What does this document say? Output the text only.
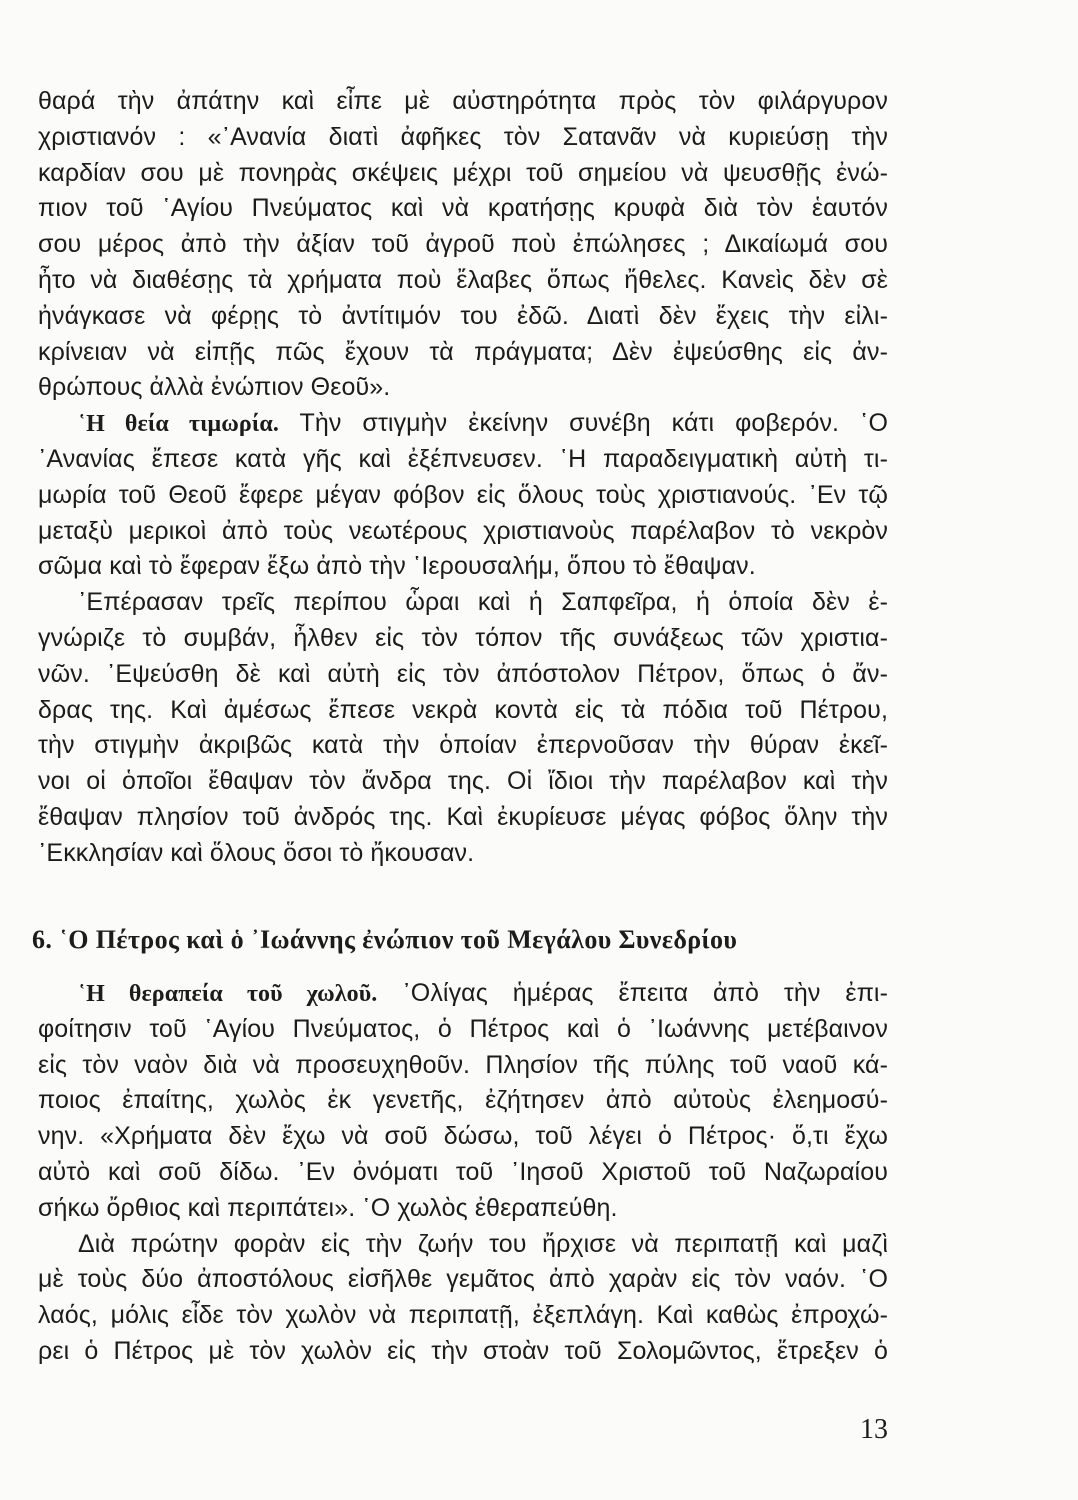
θαρά τὴν ἀπάτην καὶ εἶπε μὲ αὐστηρότητα πρὸς τὸν φιλάργυρον
χριστιανόν : «᾿Ανανία διατὶ ἀφῆκες τὸν Σατανᾶν νὰ κυριεύσῃ τὴν
καρδίαν σου μὲ πονηρὰς σκέψεις μέχρι τοῦ σημείου νὰ ψευσθῇς ἐνώ-
πιον τοῦ ῾Αγίου Πνεύματος καὶ νὰ κρατήσῃς κρυφὰ διὰ τὸν ἑαυτόν
σου μέρος ἀπὸ τὴν ἀξίαν τοῦ ἀγροῦ ποὺ ἐπώλησες ; Δικαίωμά σου
ἦτο νὰ διαθέσῃς τὰ χρήματα ποὺ ἔλαβες ὅπως ἤθελες. Κανεὶς δὲν σὲ
ἠνάγκασε νὰ φέρῃς τὸ ἀντίτιμόν του ἐδῶ. Διατὶ δὲν ἔχεις τὴν εἰλι-
κρίνειαν νὰ εἰπῇς πῶς ἔχουν τὰ πράγματα; Δὲν ἐψεύσθης εἰς ἀν-
θρώπους ἀλλὰ ἐνώπιον Θεοῦ».
῾Η θεία τιμωρία. Τὴν στιγμὴν ἐκείνην συνέβη κάτι φοβερόν. ῾Ο
᾿Ανανίας ἔπεσε κατὰ γῆς καὶ ἐξέπνευσεν. ῾Η παραδειγματικὴ αὐτὴ τι-
μωρία τοῦ Θεοῦ ἔφερε μέγαν φόβον εἰς ὅλους τοὺς χριστιανούς. ᾿Εν τῷ
μεταξὺ μερικοὶ ἀπὸ τοὺς νεωτέρους χριστιανοὺς παρέλαβον τὸ νεκρὸν
σῶμα καὶ τὸ ἔφεραν ἔξω ἀπὸ τὴν ῾Ιερουσαλήμ, ὅπου τὸ ἔθαψαν.
᾿Επέρασαν τρεῖς περίπου ὧραι καὶ ἡ Σαπφεῖρα, ἡ ὁποία δὲν ἐ-
γνώριζε τὸ συμβάν, ἦλθεν εἰς τὸν τόπον τῆς συνάξεως τῶν χριστια-
νῶν. ᾿Εψεύσθη δὲ καὶ αὐτὴ εἰς τὸν ἀπόστολον Πέτρον, ὅπως ὁ ἄν-
δρας της. Καὶ ἀμέσως ἔπεσε νεκρὰ κοντὰ εἰς τὰ πόδια τοῦ Πέτρου,
τὴν στιγμὴν ἀκριβῶς κατὰ τὴν ὁποίαν ἐπερνοῦσαν τὴν θύραν ἐκεῖ-
νοι οἱ ὁποῖοι ἔθαψαν τὸν ἄνδρα της. Οἱ ἴδιοι τὴν παρέλαβον καὶ τὴν
ἔθαψαν πλησίον τοῦ ἀνδρός της. Καὶ ἐκυρίευσε μέγας φόβος ὅλην τὴν
᾿Εκκλησίαν καὶ ὅλους ὅσοι τὸ ἤκουσαν.
6. ῾Ο Πέτρος καὶ ὁ ᾿Ιωάννης ἐνώπιον τοῦ Μεγάλου Συνεδρίου
῾Η θεραπεία τοῦ χωλοῦ. ᾿Ολίγας ἡμέρας ἔπειτα ἀπὸ τὴν ἐπι-
φοίτησιν τοῦ ῾Αγίου Πνεύματος, ὁ Πέτρος καὶ ὁ ᾿Ιωάννης μετέβαινον
εἰς τὸν ναὸν διὰ νὰ προσευχηθοῦν. Πλησίον τῆς πύλης τοῦ ναοῦ κά-
ποιος ἐπαίτης, χωλὸς ἐκ γενετῆς, ἐζήτησεν ἀπὸ αὐτοὺς ἐλεημοσύ-
νην. «Χρήματα δὲν ἔχω νὰ σοῦ δώσω, τοῦ λέγει ὁ Πέτρος· ὅ,τι ἔχω
αὐτὸ καὶ σοῦ δίδω. ᾿Εν ὀνόματι τοῦ ᾿Ιησοῦ Χριστοῦ τοῦ Ναζωραίου
σήκω ὄρθιος καὶ περιπάτει». ῾Ο χωλὸς ἐθεραπεύθη.
Διὰ πρώτην φορὰν εἰς τὴν ζωήν του ἤρχισε νὰ περιπατῇ καὶ μαζὶ
μὲ τοὺς δύο ἀποστόλους εἰσῆλθε γεμᾶτος ἀπὸ χαρὰν εἰς τὸν ναόν. ῾Ο
λαός, μόλις εἶδε τὸν χωλὸν νὰ περιπατῇ, ἐξεπλάγη. Καὶ καθὼς ἐπροχώ-
ρει ὁ Πέτρος μὲ τὸν χωλὸν εἰς τὴν στοὰν τοῦ Σολομῶντος, ἔτρεξεν ὁ
13
